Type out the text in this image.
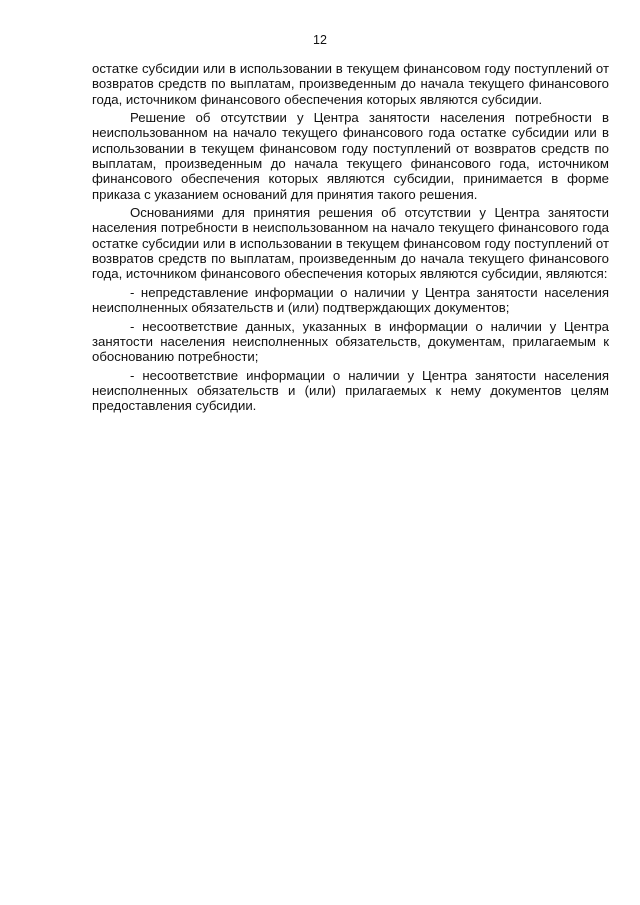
12

остатке субсидии или в использовании в текущем финансовом году поступлений от возвратов средств по выплатам, произведенным до начала текущего финансового года, источником финансового обеспечения которых являются субсидии.

Решение об отсутствии у Центра занятости населения потребности в неиспользованном на начало текущего финансового года остатке субсидии или в использовании в текущем финансовом году поступлений от возвратов средств по выплатам, произведенным до начала текущего финансового года, источником финансового обеспечения которых являются субсидии, принимается в форме приказа с указанием оснований для принятия такого решения.

Основаниями для принятия решения об отсутствии у Центра занятости населения потребности в неиспользованном на начало текущего финансового года остатке субсидии или в использовании в текущем финансовом году поступлений от возвратов средств по выплатам, произведенным до начала текущего финансового года, источником финансового обеспечения которых являются субсидии, являются:

- непредставление информации о наличии у Центра занятости населения неисполненных обязательств и (или) подтверждающих документов;

- несоответствие данных, указанных в информации о наличии у Центра занятости населения неисполненных обязательств, документам, прилагаемым к обоснованию потребности;

- несоответствие информации о наличии у Центра занятости населения неисполненных обязательств и (или) прилагаемых к нему документов целям предоставления субсидии.
